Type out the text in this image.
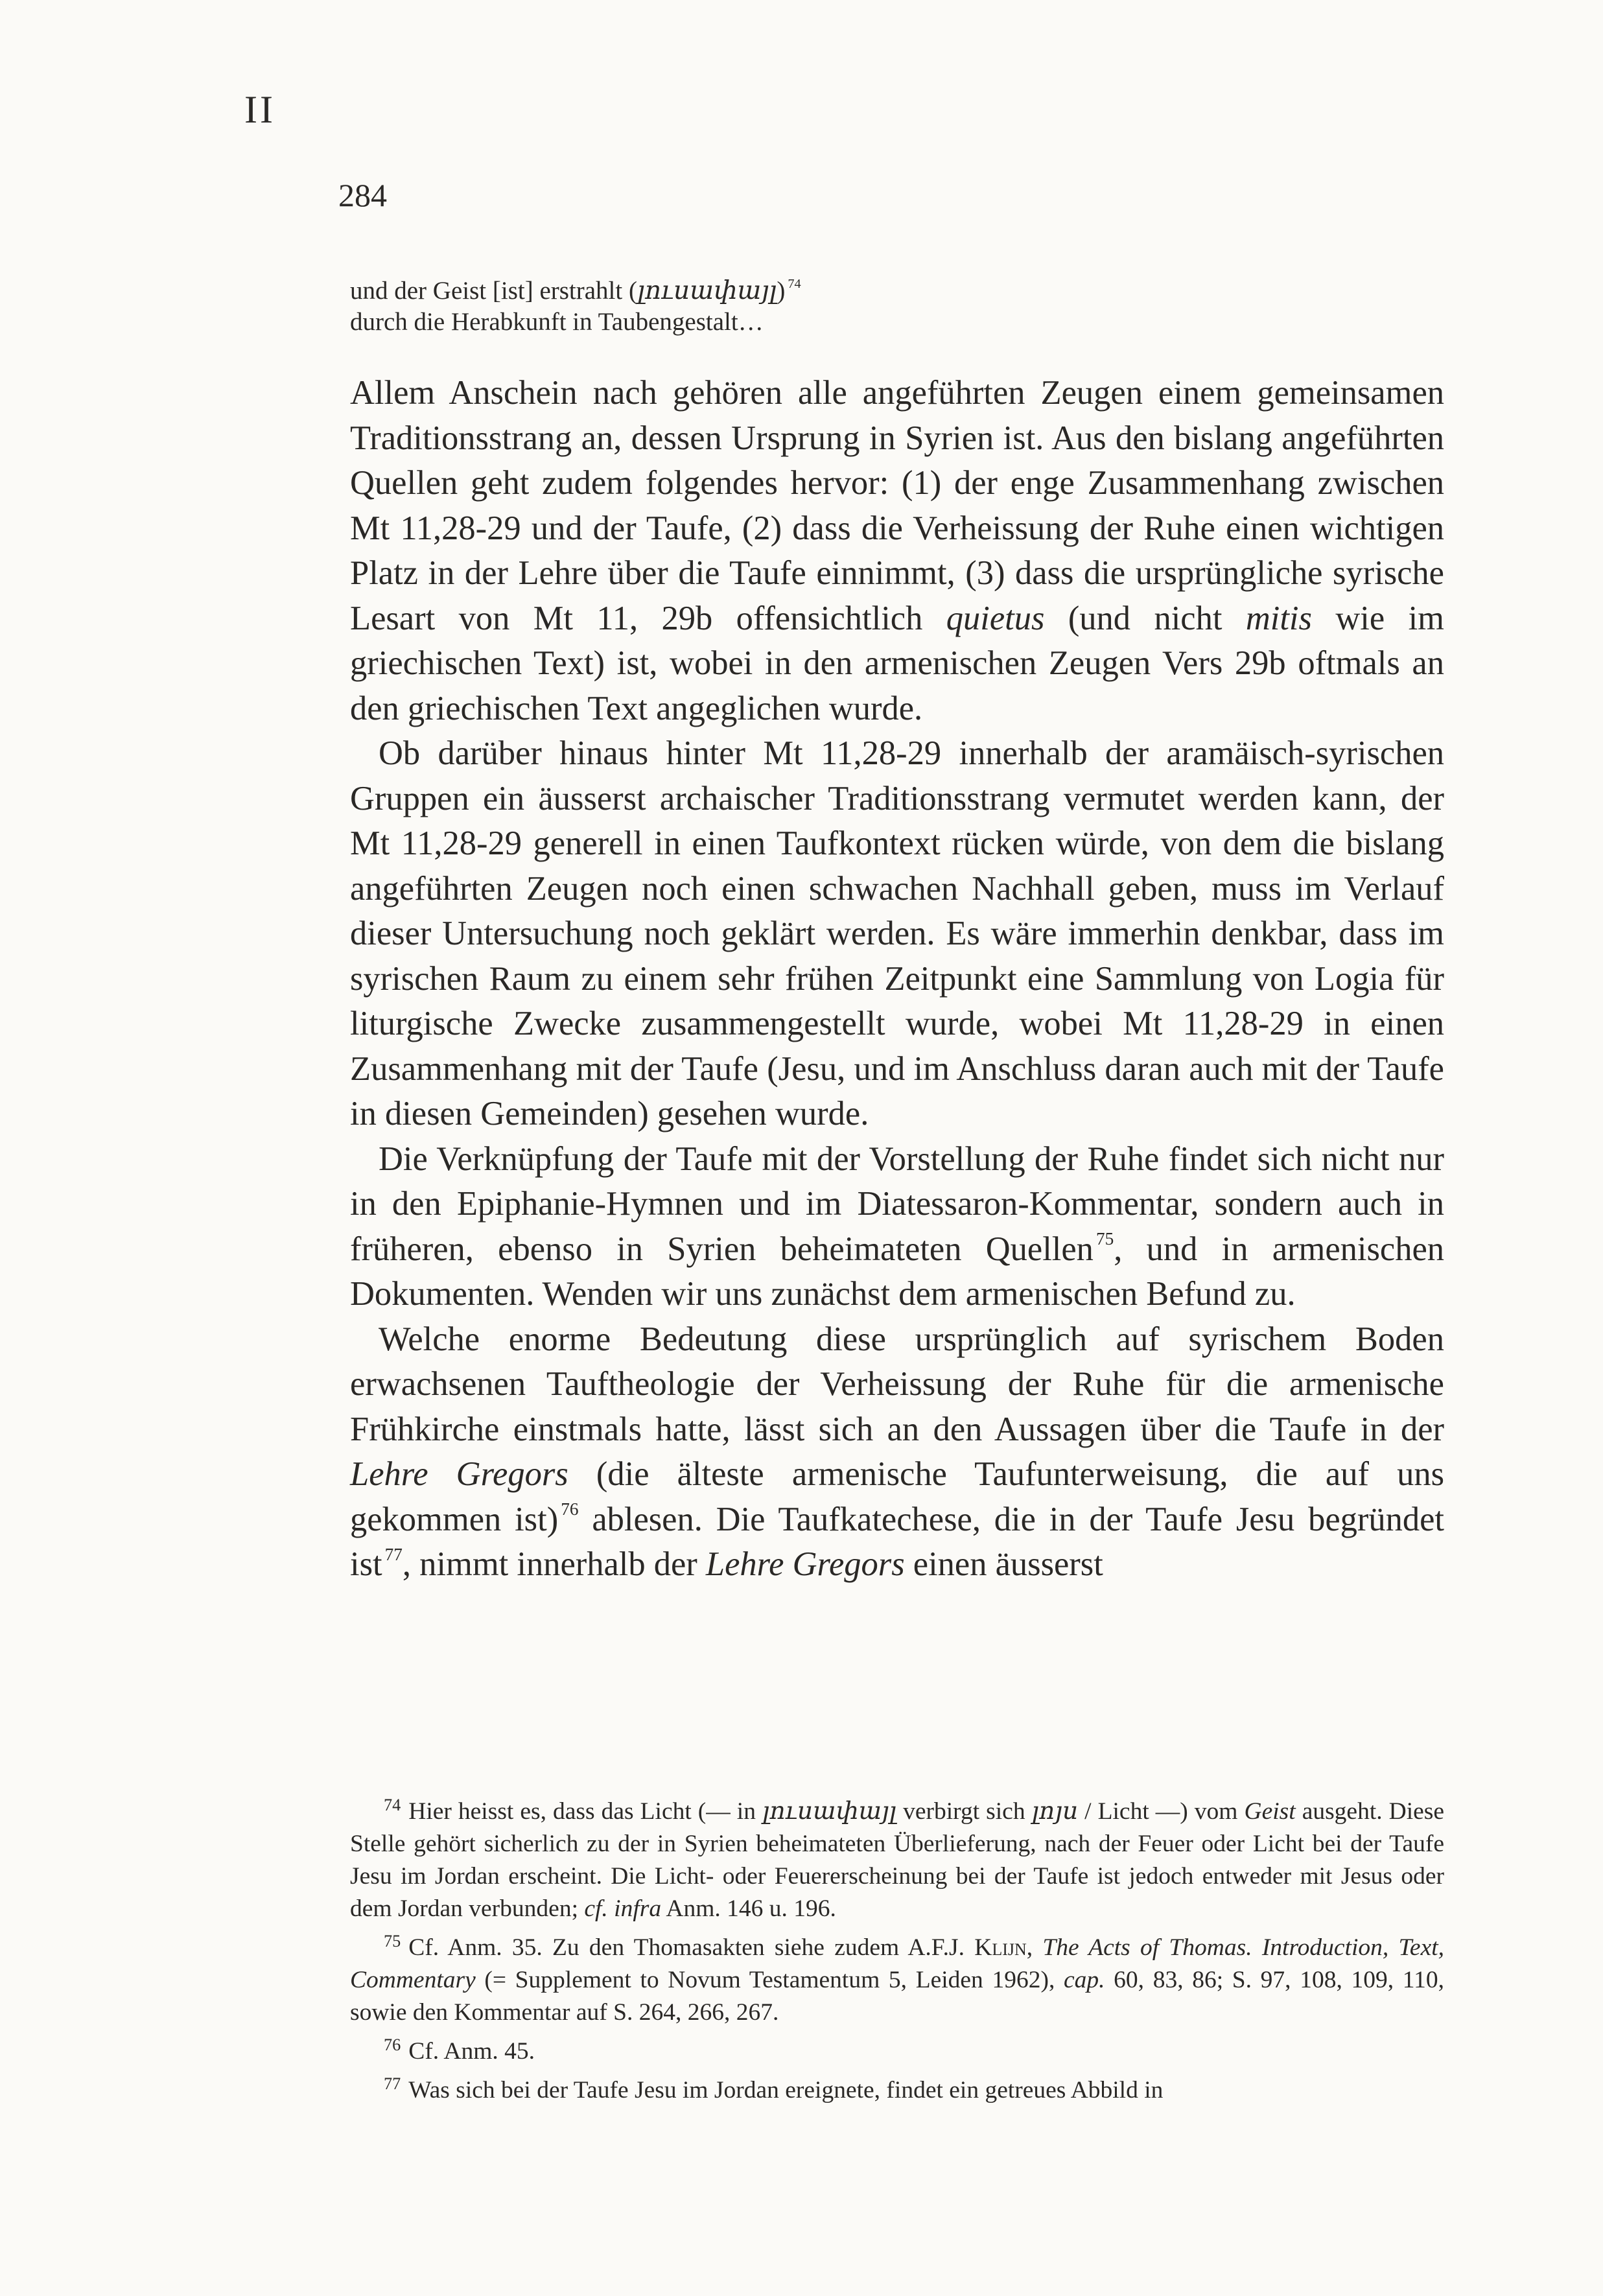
II
284
und der Geist [ist] erstrahlt (լուսափայլ) $^{74}$
durch die Herabkunft in Taubengestalt…

Allem Anschein nach gehören alle angeführten Zeugen einem gemeinsamen Traditionsstrang an, dessen Ursprung in Syrien ist. Aus den bislang angeführten Quellen geht zudem folgendes hervor: (1) der enge Zusammenhang zwischen Mt 11,28-29 und der Taufe, (2) dass die Verheissung der Ruhe einen wichtigen Platz in der Lehre über die Taufe einnimmt, (3) dass die ursprüngliche syrische Lesart von Mt 11, 29b offensichtlich quietus (und nicht mitis wie im griechischen Text) ist, wobei in den armenischen Zeugen Vers 29b oftmals an den griechischen Text angeglichen wurde.

Ob darüber hinaus hinter Mt 11,28-29 innerhalb der aramäisch-syrischen Gruppen ein äusserst archaischer Traditionsstrang vermutet werden kann, der Mt 11,28-29 generell in einen Taufkontext rücken würde, von dem die bislang angeführten Zeugen noch einen schwachen Nachhall geben, muss im Verlauf dieser Untersuchung noch geklärt werden. Es wäre immerhin denkbar, dass im syrischen Raum zu einem sehr frühen Zeitpunkt eine Sammlung von Logia für liturgische Zwecke zusammengestellt wurde, wobei Mt 11,28-29 in einen Zusammenhang mit der Taufe (Jesu, und im Anschluss daran auch mit der Taufe in diesen Gemeinden) gesehen wurde.

Die Verknüpfung der Taufe mit der Vorstellung der Ruhe findet sich nicht nur in den Epiphanie-Hymnen und im Diatessaron-Kommentar, sondern auch in früheren, ebenso in Syrien beheimateten Quellen $^{75}$, und in armenischen Dokumenten. Wenden wir uns zunächst dem armenischen Befund zu.

Welche enorme Bedeutung diese ursprünglich auf syrischem Boden erwachsenen Tauftheologie der Verheissung der Ruhe für die armenische Frühkirche einstmals hatte, lässt sich an den Aussagen über die Taufe in der Lehre Gregors (die älteste armenische Taufunterweisung, die auf uns gekommen ist) $^{76}$ ablesen. Die Taufkatechese, die in der Taufe Jesu begründet ist $^{77}$, nimmt innerhalb der Lehre Gregors einen äusserst

$^{74}$ Hier heisst es, dass das Licht (— in լուսափայլ verbirgt sich լոյս / Licht —) vom Geist ausgeht. Diese Stelle gehört sicherlich zu der in Syrien beheimateten Überlieferung, nach der Feuer oder Licht bei der Taufe Jesu im Jordan erscheint. Die Licht- oder Feuererscheinung bei der Taufe ist jedoch entweder mit Jesus oder dem Jordan verbunden; cf. infra Anm. 146 u. 196.

$^{75}$ Cf. Anm. 35. Zu den Thomasakten siehe zudem A.F.J. Klijn, The Acts of Thomas. Introduction, Text, Commentary (= Supplement to Novum Testamentum 5, Leiden 1962), cap. 60, 83, 86; S. 97, 108, 109, 110, sowie den Kommentar auf S. 264, 266, 267.

$^{76}$ Cf. Anm. 45.

$^{77}$ Was sich bei der Taufe Jesu im Jordan ereignete, findet ein getreues Abbild in
